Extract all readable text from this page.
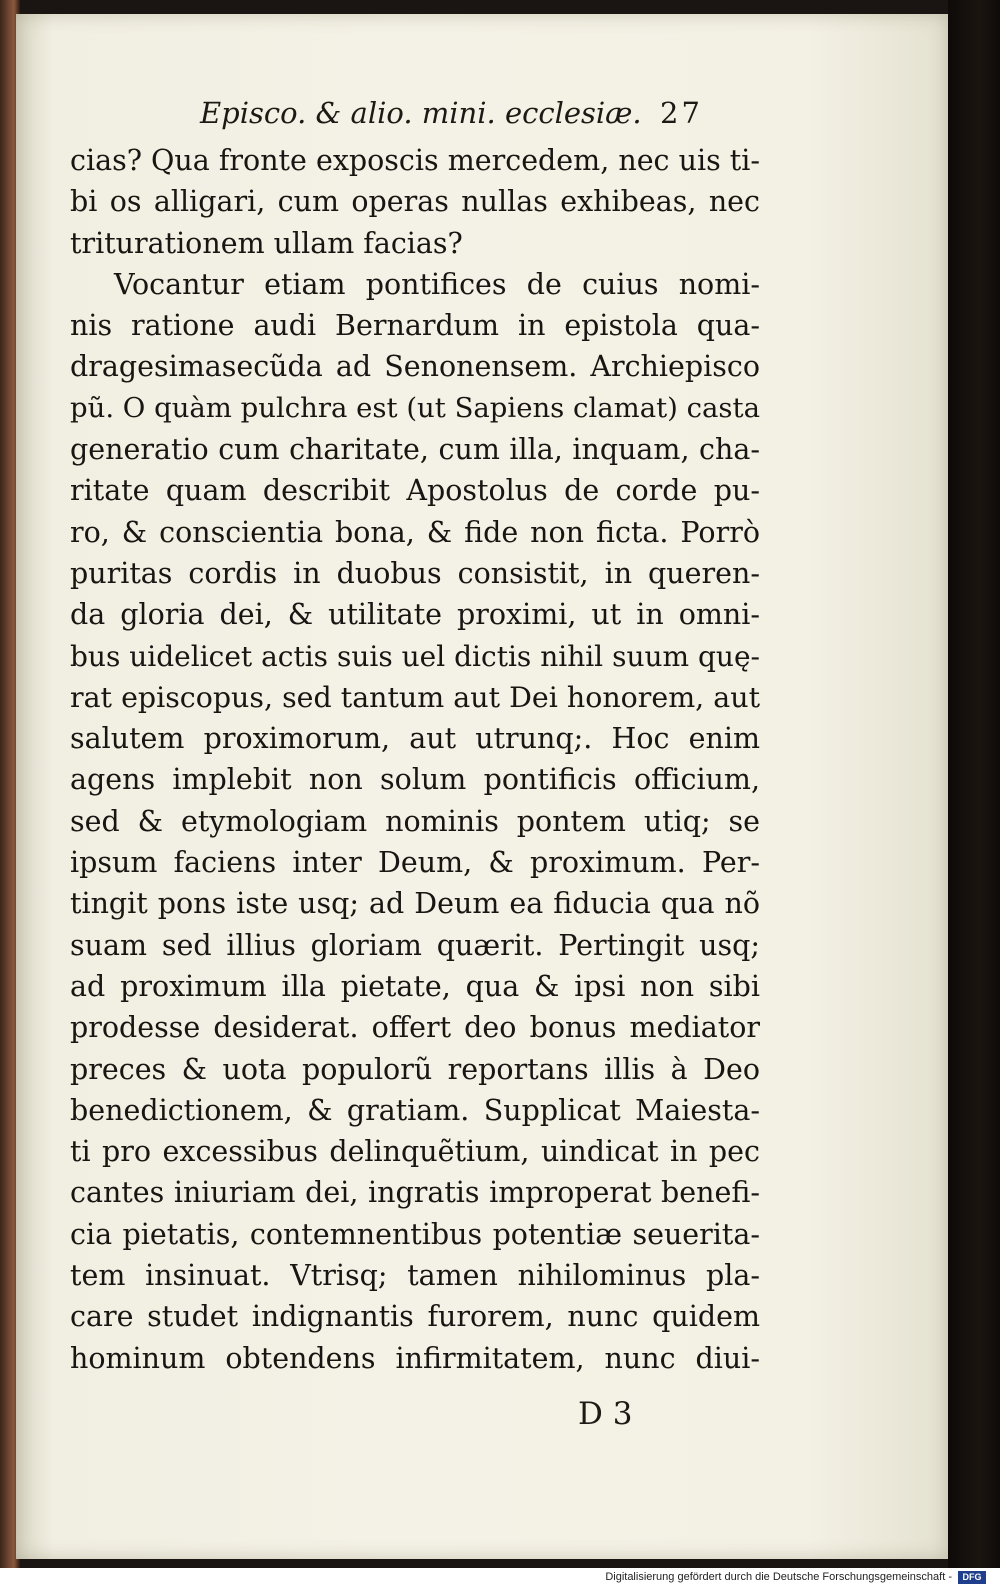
Episco. & alio. mini. ecclesiæ. 27
cias? Qua fronte exposcis mercedem, nec uis ti-
bi os alligari, cum operas nullas exhibeas, nec
triturationem ullam facias?
Vocantur etiam pontifices de cuius nomi-
nis ratione audi Bernardum in epistola qua-
dragesimasecũda ad Senonensem. Archiepisco
pũ. O quàm pulchra est (ut Sapiens clamat) casta
generatio cum charitate, cum illa, inquam, cha-
ritate quam describit Apostolus de corde pu-
ro, & conscientia bona, & fide non ficta. Porrò
puritas cordis in duobus consistit, in queren-
da gloria dei, & utilitate proximi, ut in omni-
bus uidelicet actis suis uel dictis nihil suum quę-
rat episcopus, sed tantum aut Dei honorem, aut
salutem proximorum, aut utrunq;. Hoc enim
agens implebit non solum pontificis officium,
sed & etymologiam nominis pontem utiq; se
ipsum faciens inter Deum, & proximum. Per-
tingit pons iste usq; ad Deum ea fiducia qua nõ
suam sed illius gloriam quærit. Pertingit usq;
ad proximum illa pietate, qua & ipsi non sibi
prodesse desiderat. offert deo bonus mediator
preces & uota populorũ reportans illis à Deo
benedictionem, & gratiam. Supplicat Maiesta-
ti pro excessibus delinquẽtium, uindicat in pec
cantes iniuriam dei, ingratis improperat benefi-
cia pietatis, contemnentibus potentiæ seuerita-
tem insinuat. Vtrisq; tamen nihilominus pla-
care studet indignantis furorem, nunc quidem
hominum obtendens infirmitatem, nunc diui-
D 3
Digitalisierung gefördert durch die Deutsche Forschungsgemeinschaft -	DFG
